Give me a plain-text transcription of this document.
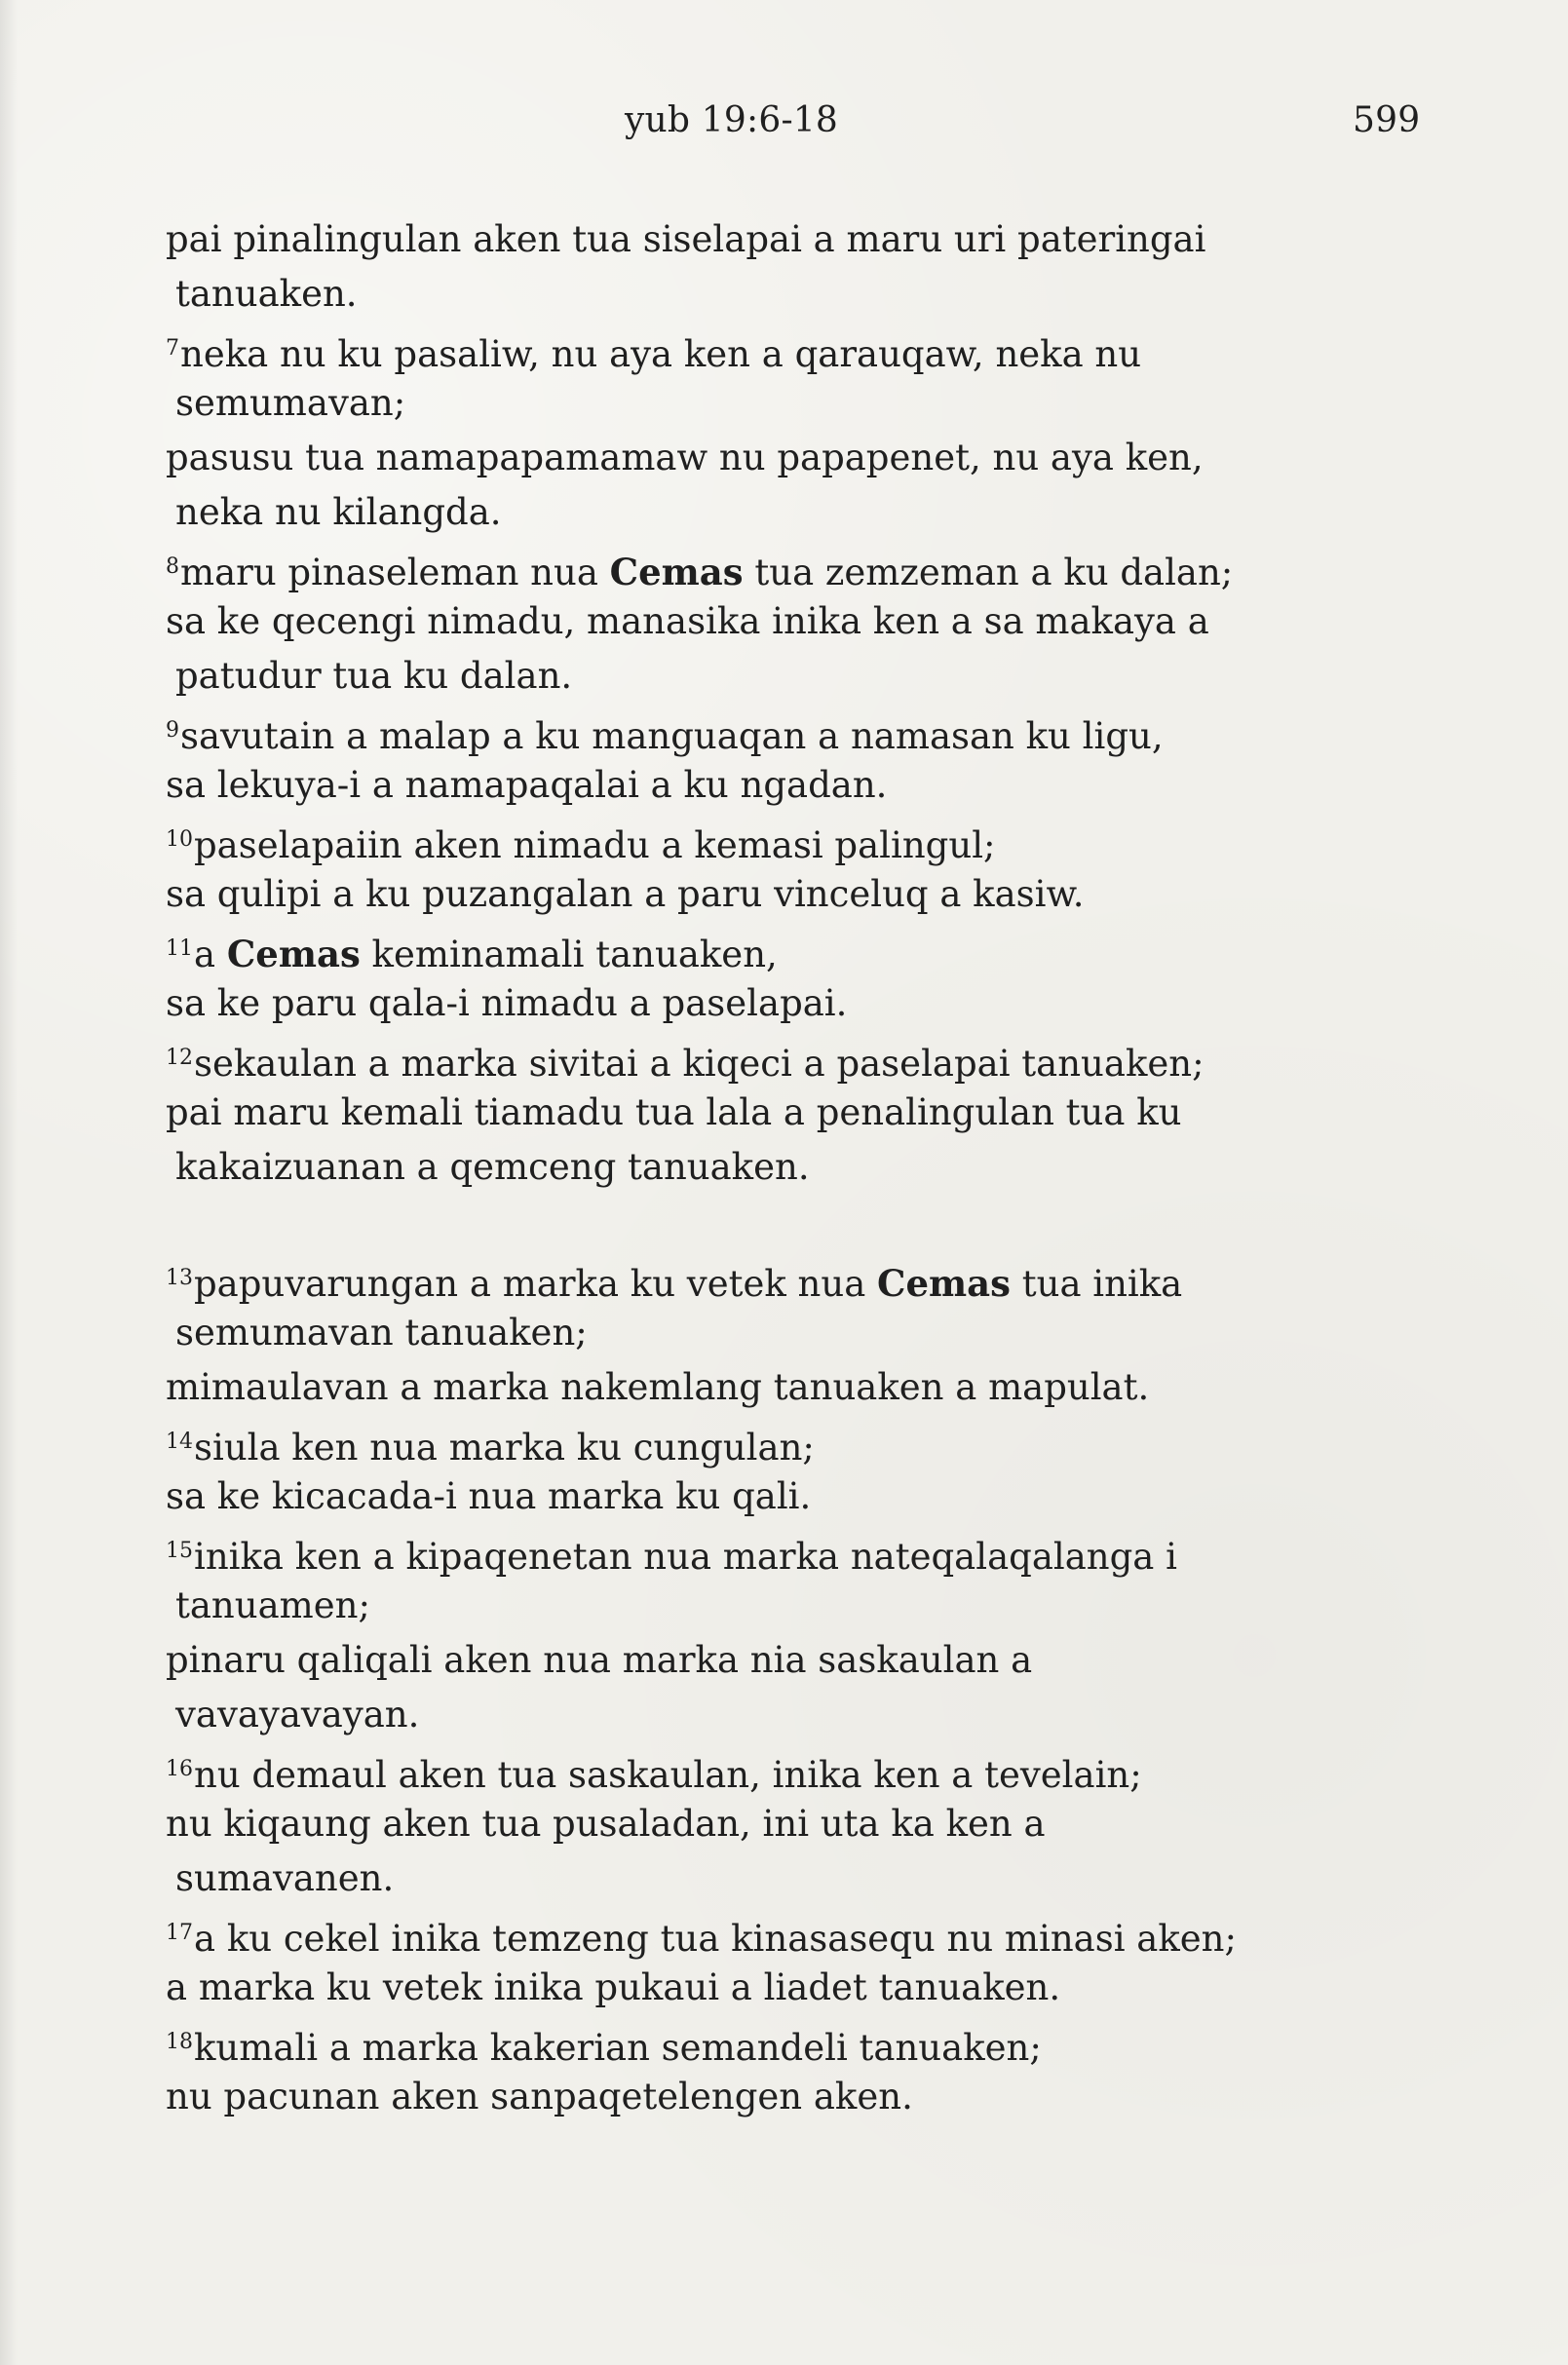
yub 19:6-18	599
pai pinalingulan aken tua siselapai a maru uri pateringai
tanuaken.
$^7$neka nu ku pasaliw, nu aya ken a qarauqaw, neka nu
semumavan;
pasusu tua namapapamamaw nu papapenet, nu aya ken,
neka nu kilangda.
$^8$maru pinaseleman nua Cemas tua zemzeman a ku dalan;
sa ke qecengi nimadu, manasika inika ken a sa makaya a
patudur tua ku dalan.
$^9$savutain a malap a ku manguaqan a namasan ku ligu,
sa lekuya-i a namapaqalai a ku ngadan.
$^{10}$paselapaiin aken nimadu a kemasi palingul;
sa qulipi a ku puzangalan a paru vinceluq a kasiw.
$^{11}$a Cemas keminamali tanuaken,
sa ke paru qala-i nimadu a paselapai.
$^{12}$sekaulan a marka sivitai a kiqeci a paselapai tanuaken;
pai maru kemali tiamadu tua lala a penalingulan tua ku
kakaizuanan a qemceng tanuaken.
$^{13}$papuvarungan a marka ku vetek nua Cemas tua inika
semumavan tanuaken;
mimaulavan a marka nakemlang tanuaken a mapulat.
$^{14}$siula ken nua marka ku cungulan;
sa ke kicacada-i nua marka ku qali.
$^{15}$inika ken a kipaqenetan nua marka nateqalaqalanga i
tanuamen;
pinaru qaliqali aken nua marka nia saskaulan a
vavayavayan.
$^{16}$nu demaul aken tua saskaulan, inika ken a tevelain;
nu kiqaung aken tua pusaladan, ini uta ka ken a
sumavanen.
$^{17}$a ku cekel inika temzeng tua kinasasequ nu minasi aken;
a marka ku vetek inika pukaui a liadet tanuaken.
$^{18}$kumali a marka kakerian semandeli tanuaken;
nu pacunan aken sanpaqetelengen aken.
